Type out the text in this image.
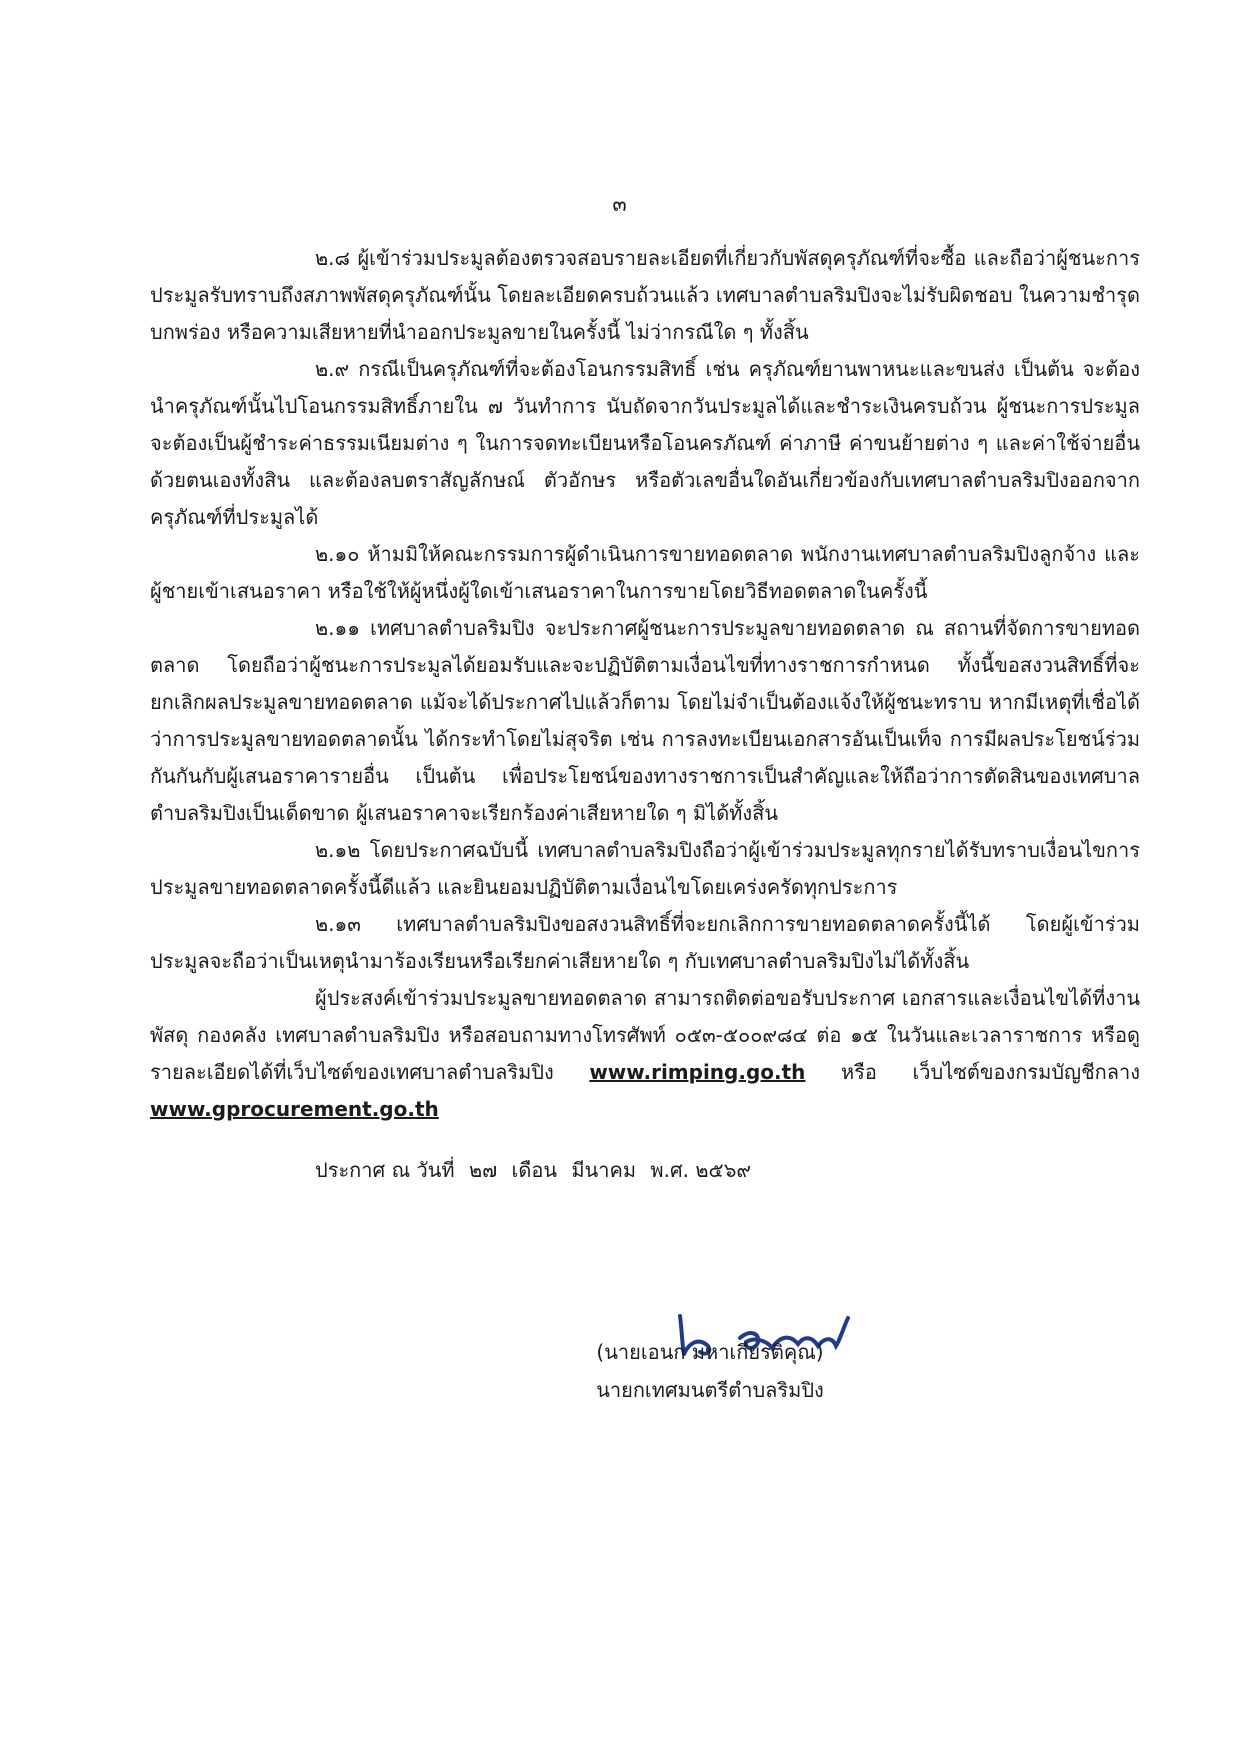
๓

๒.๘ ผู้เข้าร่วมประมูลต้องตรวจสอบรายละเอียดที่เกี่ยวกับพัสดุครุภัณฑ์ที่จะซื้อ และถือว่าผู้ชนะการประมูลรับทราบถึงสภาพพัสดุครุภัณฑ์นั้น โดยละเอียดครบถ้วนแล้ว เทศบาลตำบลริมปิงจะไม่รับผิดชอบ ในความชำรุดบกพร่อง หรือความเสียหายที่นำออกประมูลขายในครั้งนี้ ไม่ว่ากรณีใด ๆ ทั้งสิ้น

๒.๙ กรณีเป็นครุภัณฑ์ที่จะต้องโอนกรรมสิทธิ์ เช่น ครุภัณฑ์ยานพาหนะและขนส่ง เป็นต้น จะต้องนำครุภัณฑ์นั้นไปโอนกรรมสิทธิ์ภายใน ๗ วันทำการ นับถัดจากวันประมูลได้และชำระเงินครบถ้วน ผู้ชนะการประมูลจะต้องเป็นผู้ชำระค่าธรรมเนียมต่าง ๆ ในการจดทะเบียนหรือโอนครภัณฑ์ ค่าภาษี ค่าขนย้ายต่าง ๆ และค่าใช้จ่ายอื่นด้วยตนเองทั้งสิน และต้องลบตราสัญลักษณ์ ตัวอักษร หรือตัวเลขอื่นใดอันเกี่ยวข้องกับเทศบาลตำบลริมปิงออกจากครุภัณฑ์ที่ประมูลได้

๒.๑๐ ห้ามมิให้คณะกรรมการผู้ดำเนินการขายทอดตลาด พนักงานเทศบาลตำบลริมปิงลูกจ้าง และผู้ชายเข้าเสนอราคา หรือใช้ให้ผู้หนึ่งผู้ใดเข้าเสนอราคาในการขายโดยวิธีทอดตลาดในครั้งนี้

๒.๑๑ เทศบาลตำบลริมปิง จะประกาศผู้ชนะการประมูลขายทอดตลาด ณ สถานที่จัดการขายทอดตลาด โดยถือว่าผู้ชนะการประมูลได้ยอมรับและจะปฏิบัติตามเงื่อนไขที่ทางราชการกำหนด ทั้งนี้ขอสงวนสิทธิ์ที่จะยกเลิกผลประมูลขายทอดตลาด แม้จะได้ประกาศไปแล้วก็ตาม โดยไม่จำเป็นต้องแจ้งให้ผู้ชนะทราบ หากมีเหตุที่เชื่อได้ว่าการประมูลขายทอดตลาดนั้น ได้กระทำโดยไม่สุจริต เช่น การลงทะเบียนเอกสารอันเป็นเท็จ การมีผลประโยชน์ร่วมกันกันกับผู้เสนอราคารายอื่น เป็นต้น เพื่อประโยชน์ของทางราชการเป็นสำคัญและให้ถือว่าการตัดสินของเทศบาลตำบลริมปิงเป็นเด็ดขาด ผู้เสนอราคาจะเรียกร้องค่าเสียหายใด ๆ มิได้ทั้งสิ้น

๒.๑๒ โดยประกาศฉบับนี้ เทศบาลตำบลริมปิงถือว่าผู้เข้าร่วมประมูลทุกรายได้รับทราบเงื่อนไขการประมูลขายทอดตลาดครั้งนี้ดีแล้ว และยินยอมปฏิบัติตามเงื่อนไขโดยเคร่งครัดทุกประการ

๒.๑๓ เทศบาลตำบลริมปิงขอสงวนสิทธิ์ที่จะยกเลิกการขายทอดตลาดครั้งนี้ได้ โดยผู้เข้าร่วมประมูลจะถือว่าเป็นเหตุนำมาร้องเรียนหรือเรียกค่าเสียหายใด ๆ กับเทศบาลตำบลริมปิงไม่ได้ทั้งสิ้น

ผู้ประสงค์เข้าร่วมประมูลขายทอดตลาด สามารถติดต่อขอรับประกาศ เอกสารและเงื่อนไขได้ที่งานพัสดุ กองคลัง เทศบาลตำบลริมปิง หรือสอบถามทางโทรศัพท์ ๐๕๓-๕๐๐๙๘๔ ต่อ ๑๕ ในวันและเวลาราชการ หรือดูรายละเอียดได้ที่เว็บไซต์ของเทศบาลตำบลริมปิง www.rimping.go.th หรือ เว็บไซต์ของกรมบัญชีกลาง www.gprocurement.go.th

ประกาศ ณ วันที่ ๒๗ เดือน มีนาคม พ.ศ. ๒๕๖๙
(นายเอนก มหาเกียรติคุณ)
นายกเทศมนตรีตำบลริมปิง
